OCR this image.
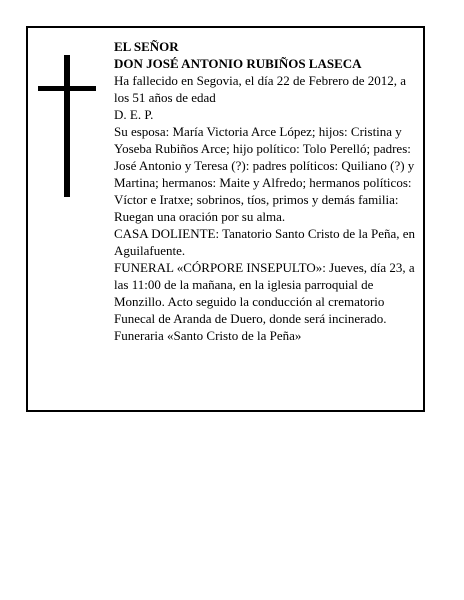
EL SEÑOR

DON JOSÉ ANTONIO RUBIÑOS LASECA

Ha fallecido en Segovia, el día 22 de Febrero de 2012, a los 51 años de edad

D. E. P.

Su esposa: María Victoria Arce López; hijos: Cristina y Yoseba Rubiños Arce; hijo político: Tolo Perelló; padres: José Antonio y Teresa (?): padres políticos: Quiliano (?) y Martina; hermanos: Maite y Alfredo; hermanos políticos: Víctor e Iratxe; sobrinos, tíos, primos y demás familia:

Ruegan una oración por su alma.

CASA DOLIENTE: Tanatorio Santo Cristo de la Peña, en Aguilafuente.

FUNERAL «CÓRPORE INSEPULTO»: Jueves, día 23, a las 11:00 de la mañana, en la iglesia parroquial de Monzillo. Acto seguido la conducción al crematorio Funecal de Aranda de Duero, donde será incinerado.

Funeraria «Santo Cristo de la Peña»
